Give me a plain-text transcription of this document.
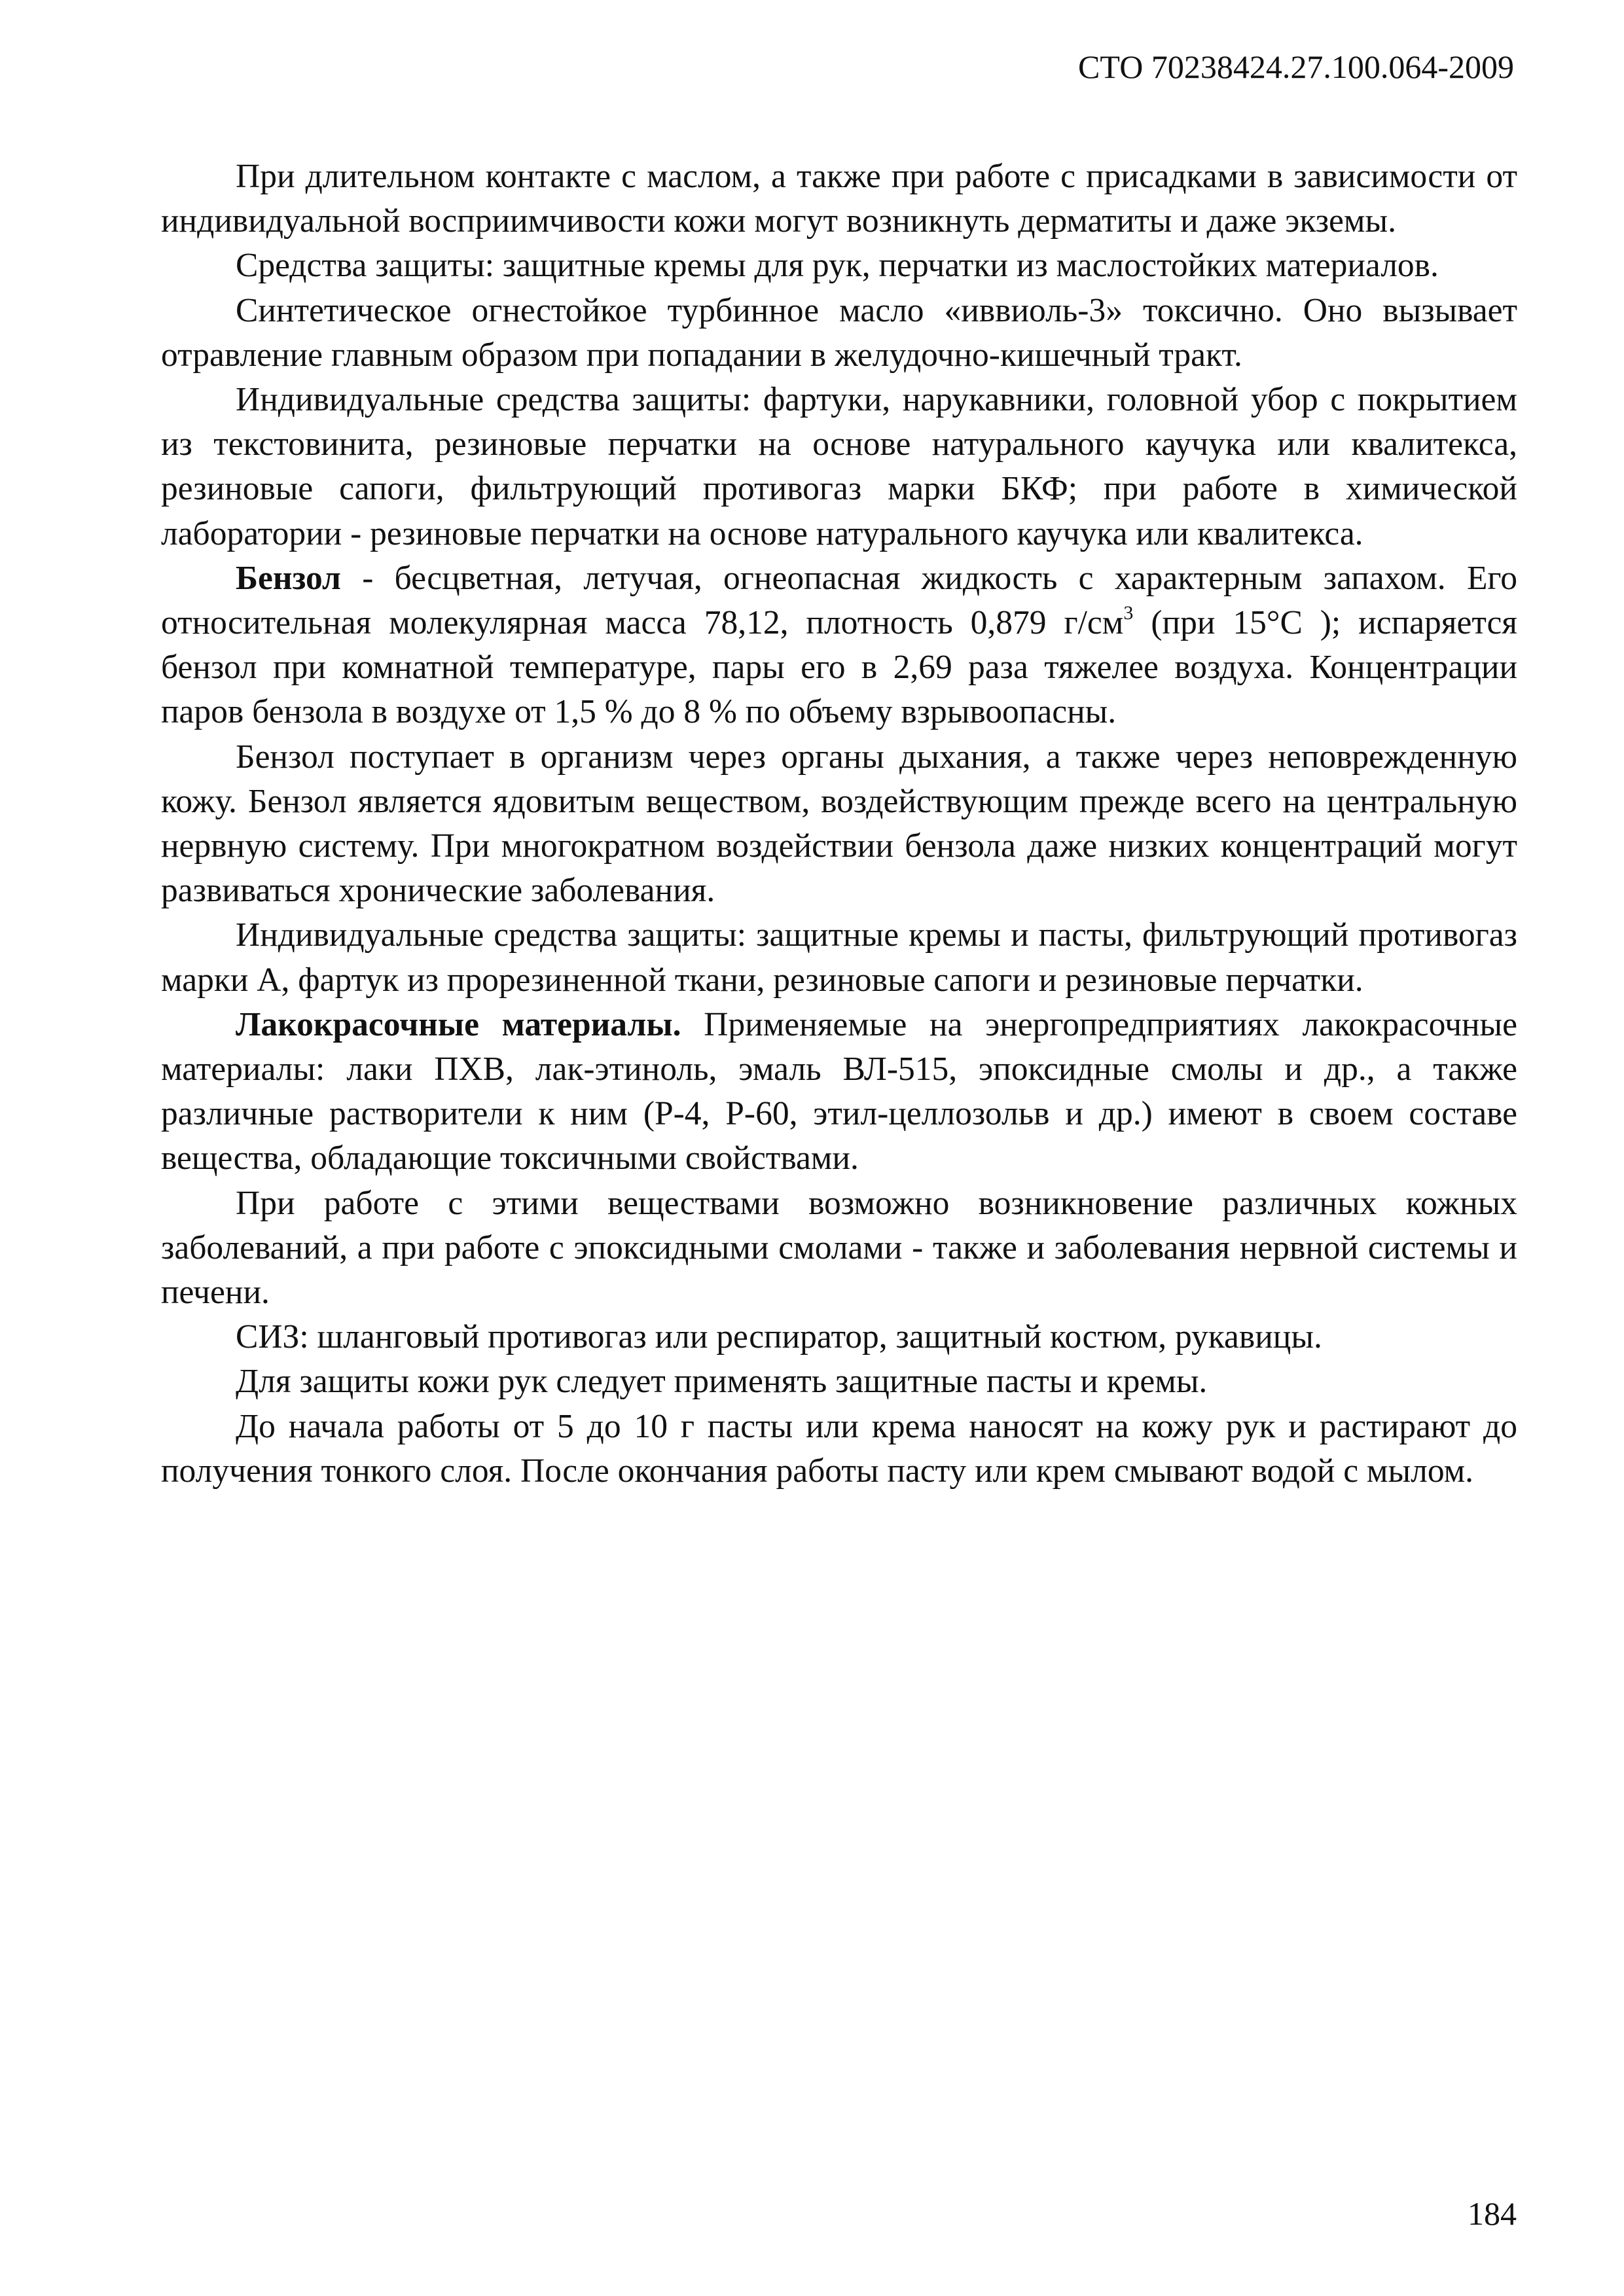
СТО 70238424.27.100.064-2009

При длительном контакте с маслом, а также при работе с присадками в зависимости от индивидуальной восприимчивости кожи могут возникнуть дерматиты и даже экземы.

Средства защиты: защитные кремы для рук, перчатки из маслостойких материалов.

Синтетическое огнестойкое турбинное масло «иввиоль-3» токсично. Оно вызывает отравление главным образом при попадании в желудочно-кишечный тракт.

Индивидуальные средства защиты: фартуки, нарукавники, головной убор с покрытием из текстовинита, резиновые перчатки на основе натурального каучука или квалитекса, резиновые сапоги, фильтрующий противогаз марки БКФ; при работе в химической лаборатории - резиновые перчатки на основе натурального каучука или квалитекса.

Бензол - бесцветная, летучая, огнеопасная жидкость с характерным запахом. Его относительная молекулярная масса 78,12, плотность 0,879 $г/см^3$ (при 15°С ); испаряется бензол при комнатной температуре, пары его в 2,69 раза тяжелее воздуха. Концентрации паров бензола в воздухе от 1,5 % до 8 % по объему взрывоопасны.

Бензол поступает в организм через органы дыхания, а также через неповрежденную кожу. Бензол является ядовитым веществом, воздействующим прежде всего на центральную нервную систему. При многократном воздействии бензола даже низких концентраций могут развиваться хронические заболевания.

Индивидуальные средства защиты: защитные кремы и пасты, фильтрующий противогаз марки А, фартук из прорезиненной ткани, резиновые сапоги и резиновые перчатки.

Лакокрасочные материалы. Применяемые на энергопредприятиях лакокрасочные материалы: лаки ПХВ, лак-этиноль, эмаль ВЛ-515, эпоксидные смолы и др., а также различные растворители к ним (Р-4, Р-60, этил-целлозольв и др.) имеют в своем составе вещества, обладающие токсичными свойствами.

При работе с этими веществами возможно возникновение различных кожных заболеваний, а при работе с эпоксидными смолами - также и заболевания нервной системы и печени.

СИЗ: шланговый противогаз или респиратор, защитный костюм, рукавицы.

Для защиты кожи рук следует применять защитные пасты и кремы.

До начала работы от 5 до 10 г пасты или крема наносят на кожу рук и растирают до получения тонкого слоя. После окончания работы пасту или крем смывают водой с мылом.

184
